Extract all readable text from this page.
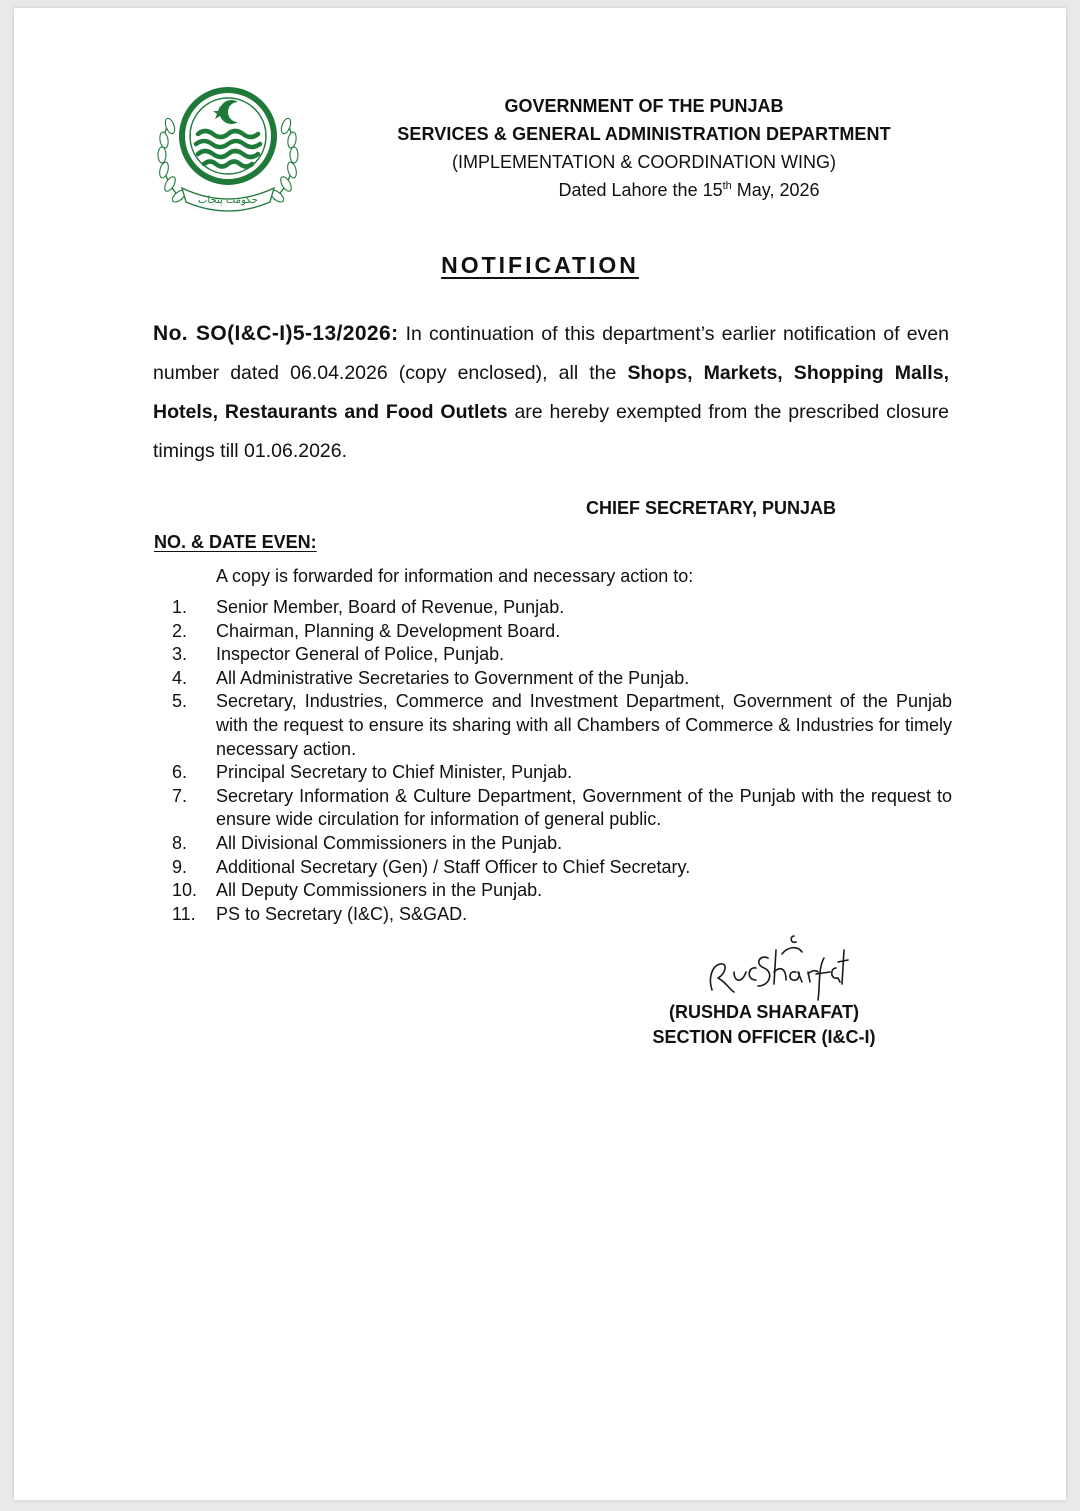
حکومت پنجاب
GOVERNMENT OF THE PUNJAB
SERVICES & GENERAL ADMINISTRATION DEPARTMENT
(IMPLEMENTATION & COORDINATION WING)
Dated Lahore the 15th May, 2026
NOTIFICATION
No. SO(I&C-I)5-13/2026: In continuation of this department’s earlier notification of even number dated 06.04.2026 (copy enclosed), all the Shops, Markets, Shopping Malls, Hotels, Restaurants and Food Outlets are hereby exempted from the prescribed closure timings till 01.06.2026.
CHIEF SECRETARY, PUNJAB
NO. & DATE EVEN:
A copy is forwarded for information and necessary action to:
1.	Senior Member, Board of Revenue, Punjab.
2.	Chairman, Planning & Development Board.
3.	Inspector General of Police, Punjab.
4.	All Administrative Secretaries to Government of the Punjab.
5.	Secretary, Industries, Commerce and Investment Department, Government of the Punjab with the request to ensure its sharing with all Chambers of Commerce & Industries for timely necessary action.
6.	Principal Secretary to Chief Minister, Punjab.
7.	Secretary Information & Culture Department, Government of the Punjab with the request to ensure wide circulation for information of general public.
8.	All Divisional Commissioners in the Punjab.
9.	Additional Secretary (Gen) / Staff Officer to Chief Secretary.
10.	All Deputy Commissioners in the Punjab.
11.	PS to Secretary (I&C), S&GAD.
(RUSHDA SHARAFAT)
SECTION OFFICER (I&C-I)
